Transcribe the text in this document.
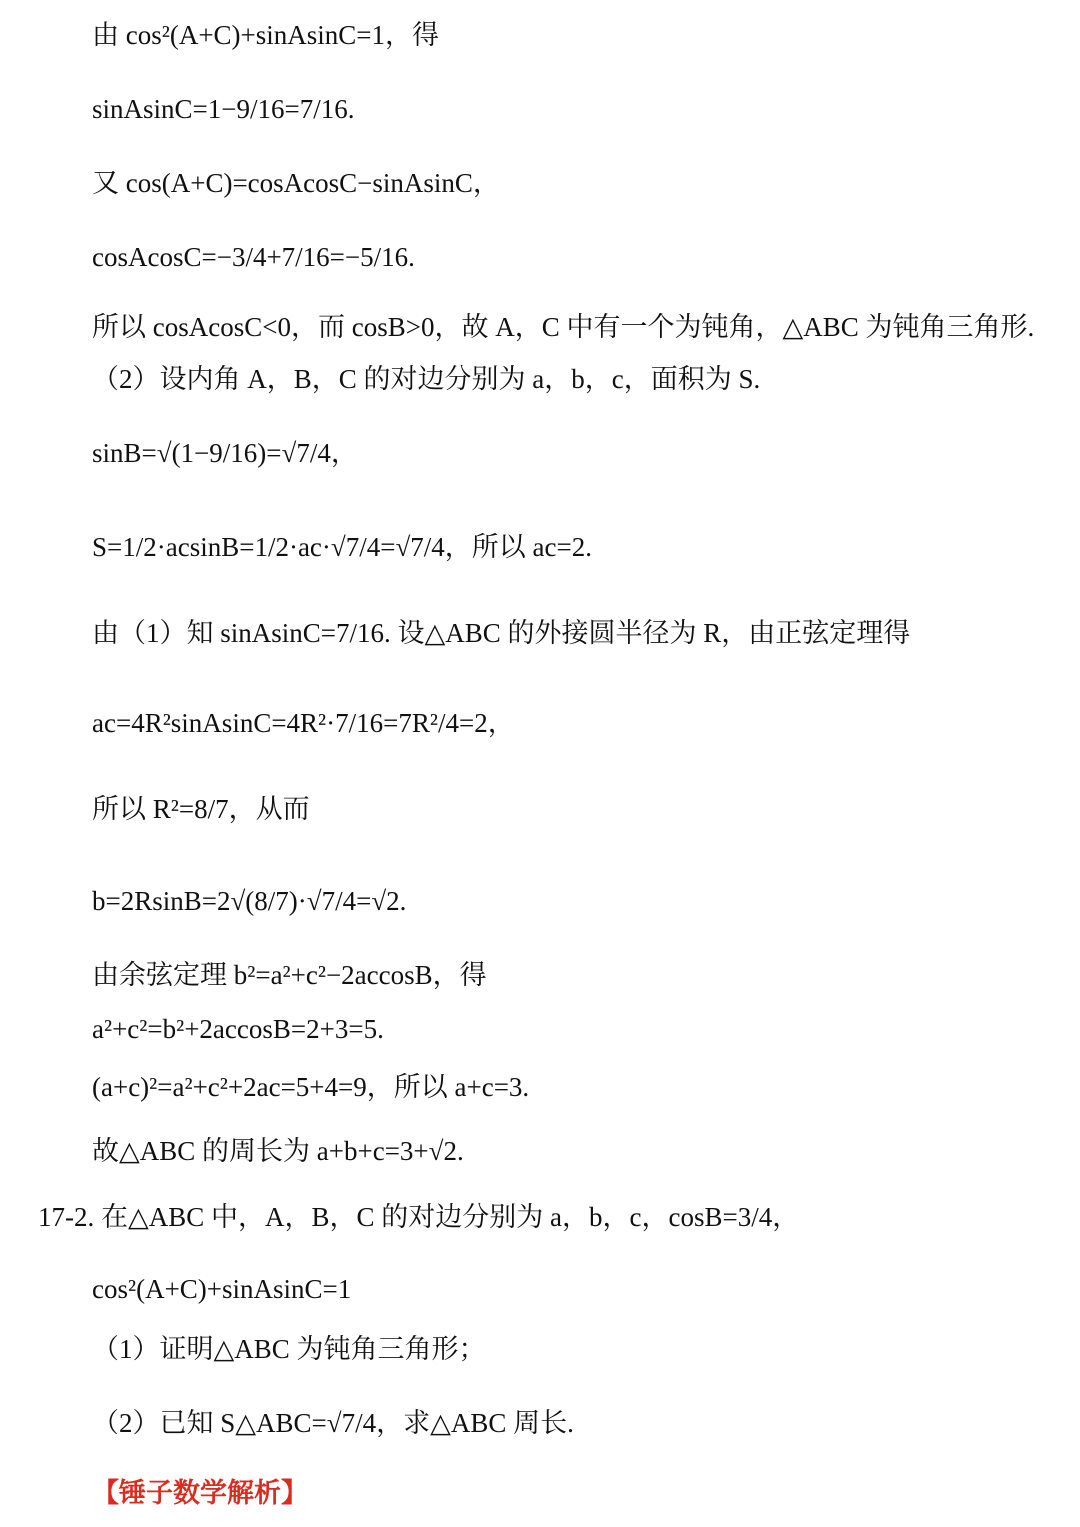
由 cos²(A+C)+sinAsinC=1，得
sinAsinC=1−9/16=7/16.
又 cos(A+C)=cosAcosC−sinAsinC，
cosAcosC=−3/4+7/16=−5/16.
所以 cosAcosC<0，而 cosB>0，故 A，C 中有一个为钝角，△ABC 为钝角三角形.
（2）设内角 A，B，C 的对边分别为 a，b，c，面积为 S.
sinB=√(1−9/16)=√7/4，
S=1/2·acsinB=1/2·ac·√7/4=√7/4，所以 ac=2.
由（1）知 sinAsinC=7/16. 设△ABC 的外接圆半径为 R，由正弦定理得
ac=4R²sinAsinC=4R²·7/16=7R²/4=2，
所以 R²=8/7，从而
b=2RsinB=2√(8/7)·√7/4=√2.
由余弦定理 b²=a²+c²−2accosB，得
a²+c²=b²+2accosB=2+3=5.
(a+c)²=a²+c²+2ac=5+4=9，所以 a+c=3.
故△ABC 的周长为 a+b+c=3+√2.
17-2. 在△ABC 中，A，B，C 的对边分别为 a，b，c，cosB=3/4，
cos²(A+C)+sinAsinC=1
（1）证明△ABC 为钝角三角形；
（2）已知 S△ABC=√7/4，求△ABC 周长.
【锤子数学解析】
